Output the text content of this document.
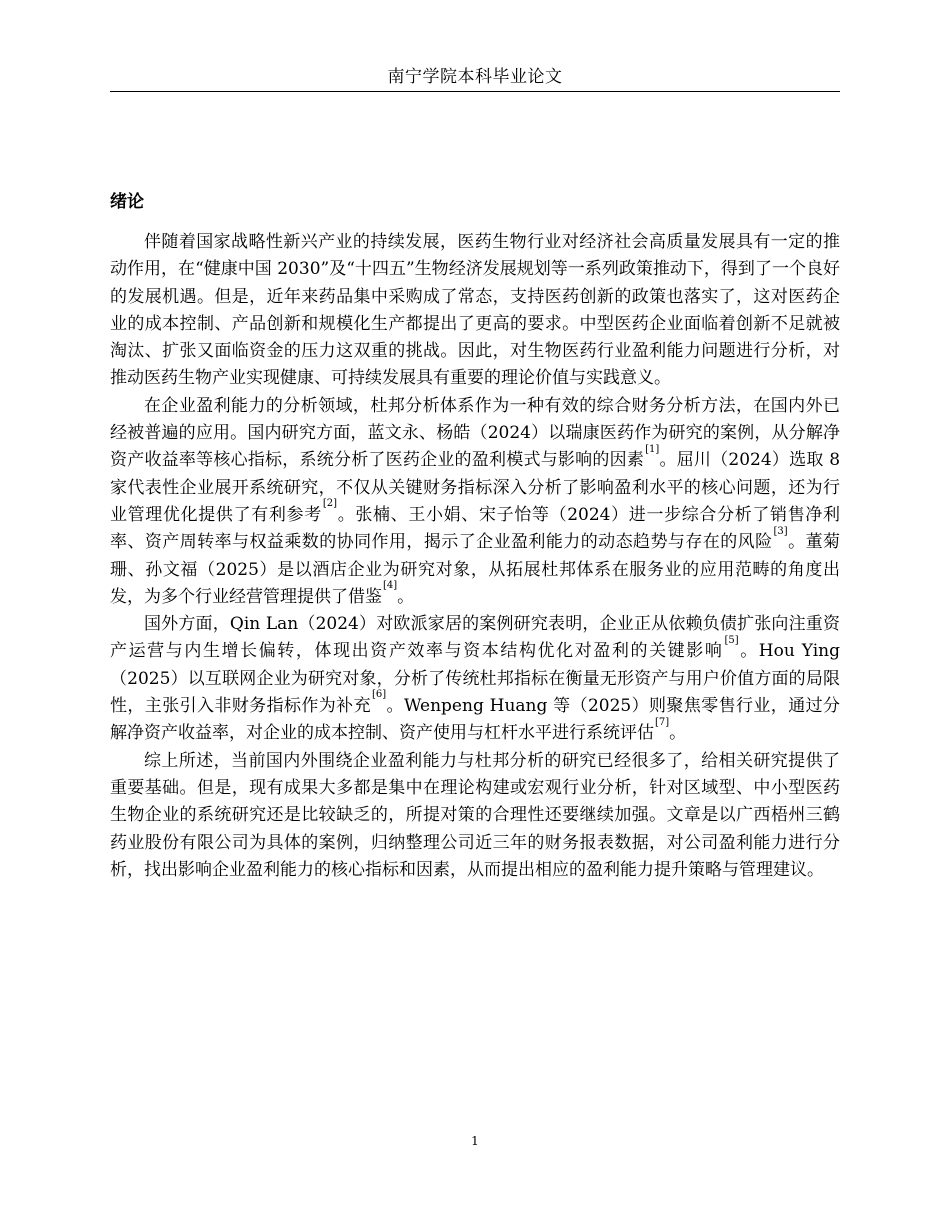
南宁学院本科毕业论文
绪论

伴随着国家战略性新兴产业的持续发展，医药生物行业对经济社会高质量发展具有一定的推动作用，在“健康中国 2030”及“十四五”生物经济发展规划等一系列政策推动下，得到了一个良好的发展机遇。但是，近年来药品集中采购成了常态，支持医药创新的政策也落实了，这对医药企业的成本控制、产品创新和规模化生产都提出了更高的要求。中型医药企业面临着创新不足就被淘汰、扩张又面临资金的压力这双重的挑战。因此，对生物医药行业盈利能力问题进行分析，对推动医药生物产业实现健康、可持续发展具有重要的理论价值与实践意义。

在企业盈利能力的分析领域，杜邦分析体系作为一种有效的综合财务分析方法，在国内外已经被普遍的应用。国内研究方面，蓝文永、杨皓（2024）以瑞康医药作为研究的案例，从分解净资产收益率等核心指标，系统分析了医药企业的盈利模式与影响的因素[1]。屈川（2024）选取 8 家代表性企业展开系统研究，不仅从关键财务指标深入分析了影响盈利水平的核心问题，还为行业管理优化提供了有利参考[2]。张楠、王小娟、宋子怡等（2024）进一步综合分析了销售净利率、资产周转率与权益乘数的协同作用，揭示了企业盈利能力的动态趋势与存在的风险[3]。董菊珊、孙文福（2025）是以酒店企业为研究对象，从拓展杜邦体系在服务业的应用范畴的角度出发，为多个行业经营管理提供了借鉴[4]。

国外方面，Qin Lan（2024）对欧派家居的案例研究表明，企业正从依赖负债扩张向注重资产运营与内生增长偏转，体现出资产效率与资本结构优化对盈利的关键影响[5]。Hou Ying（2025）以互联网企业为研究对象，分析了传统杜邦指标在衡量无形资产与用户价值方面的局限性，主张引入非财务指标作为补充[6]。Wenpeng Huang 等（2025）则聚焦零售行业，通过分解净资产收益率，对企业的成本控制、资产使用与杠杆水平进行系统评估[7]。

综上所述，当前国内外围绕企业盈利能力与杜邦分析的研究已经很多了，给相关研究提供了重要基础。但是，现有成果大多都是集中在理论构建或宏观行业分析，针对区域型、中小型医药生物企业的系统研究还是比较缺乏的，所提对策的合理性还要继续加强。文章是以广西梧州三鹤药业股份有限公司为具体的案例，归纳整理公司近三年的财务报表数据，对公司盈利能力进行分析，找出影响企业盈利能力的核心指标和因素，从而提出相应的盈利能力提升策略与管理建议。

1
